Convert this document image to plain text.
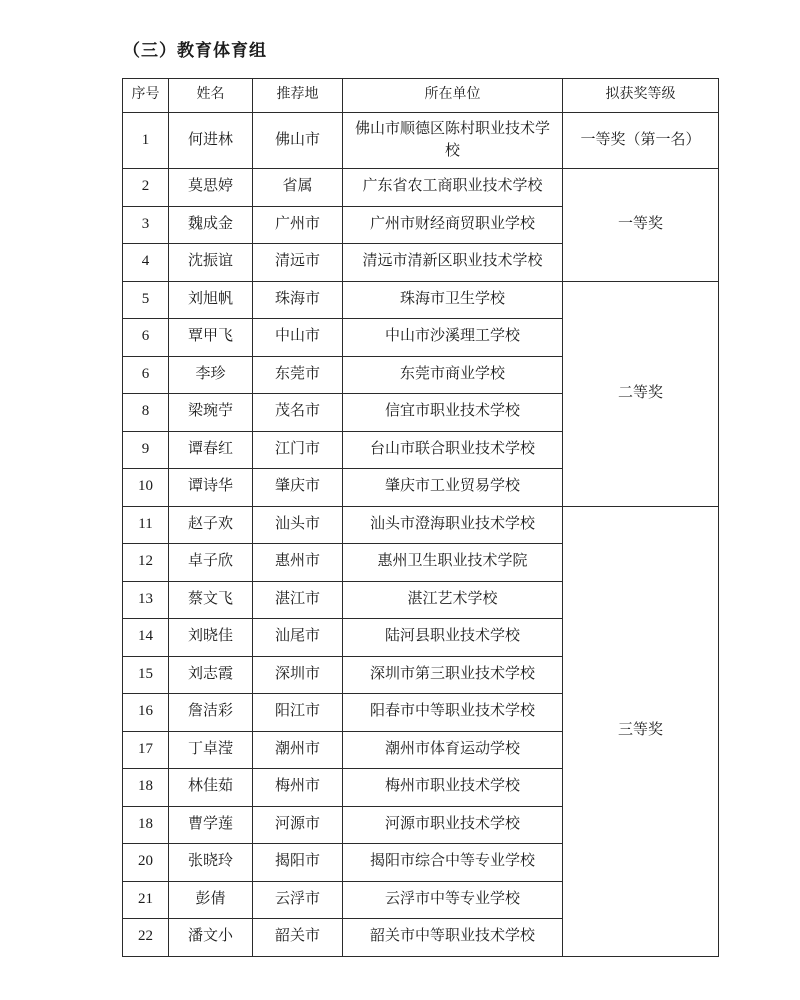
（三）教育体育组
序号	姓名	推荐地	所在单位	拟获奖等级
1	何进林	佛山市	佛山市顺德区陈村职业技术学校	一等奖（第一名）
2	莫思婷	省属	广东省农工商职业技术学校	一等奖
3	魏成金	广州市	广州市财经商贸职业学校	
4	沈振谊	清远市	清远市清新区职业技术学校	
5	刘旭帆	珠海市	珠海市卫生学校	二等奖
6	覃甲飞	中山市	中山市沙溪理工学校	
6	李珍	东莞市	东莞市商业学校	
8	梁琬苧	茂名市	信宜市职业技术学校	
9	谭春红	江门市	台山市联合职业技术学校	
10	谭诗华	肇庆市	肇庆市工业贸易学校	
11	赵子欢	汕头市	汕头市澄海职业技术学校	三等奖
12	卓子欣	惠州市	惠州卫生职业技术学院	
13	蔡文飞	湛江市	湛江艺术学校	
14	刘晓佳	汕尾市	陆河县职业技术学校	
15	刘志霞	深圳市	深圳市第三职业技术学校	
16	詹洁彩	阳江市	阳春市中等职业技术学校	
17	丁卓滢	潮州市	潮州市体育运动学校	
18	林佳茹	梅州市	梅州市职业技术学校	
18	曹学莲	河源市	河源市职业技术学校	
20	张晓玲	揭阳市	揭阳市综合中等专业学校	
21	彭倩	云浮市	云浮市中等专业学校	
22	潘文小	韶关市	韶关市中等职业技术学校	
